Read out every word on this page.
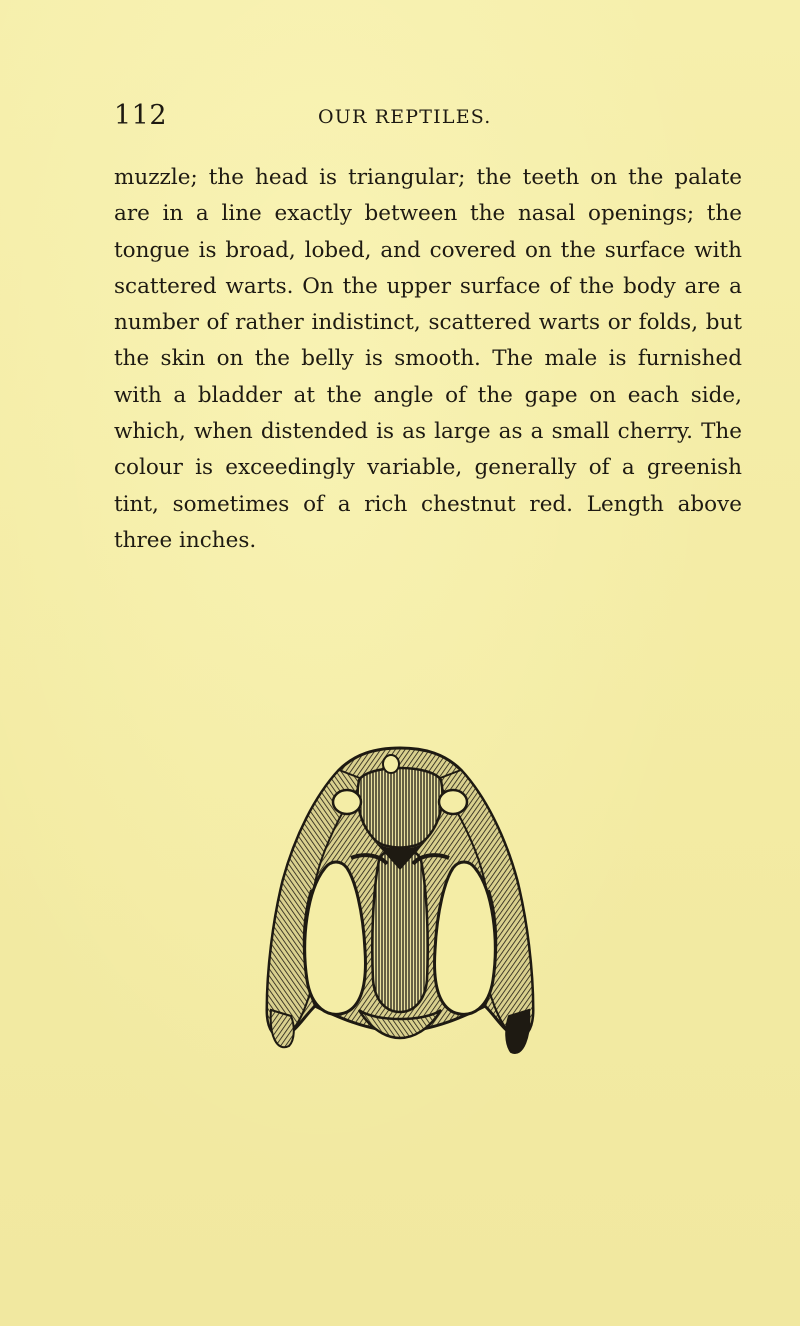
112	OUR REPTILES.

muzzle; the head is triangular; the teeth on the palate are in a line exactly between the nasal openings; the tongue is broad, lobed, and covered on the surface with scattered warts. On the upper surface of the body are a number of rather indistinct, scattered warts or folds, but the skin on the belly is smooth. The male is furnished with a bladder at the angle of the gape on each side, which, when distended is as large as a small cherry. The colour is exceedingly variable, generally of a greenish tint, sometimes of a rich chestnut red. Length above three inches.
